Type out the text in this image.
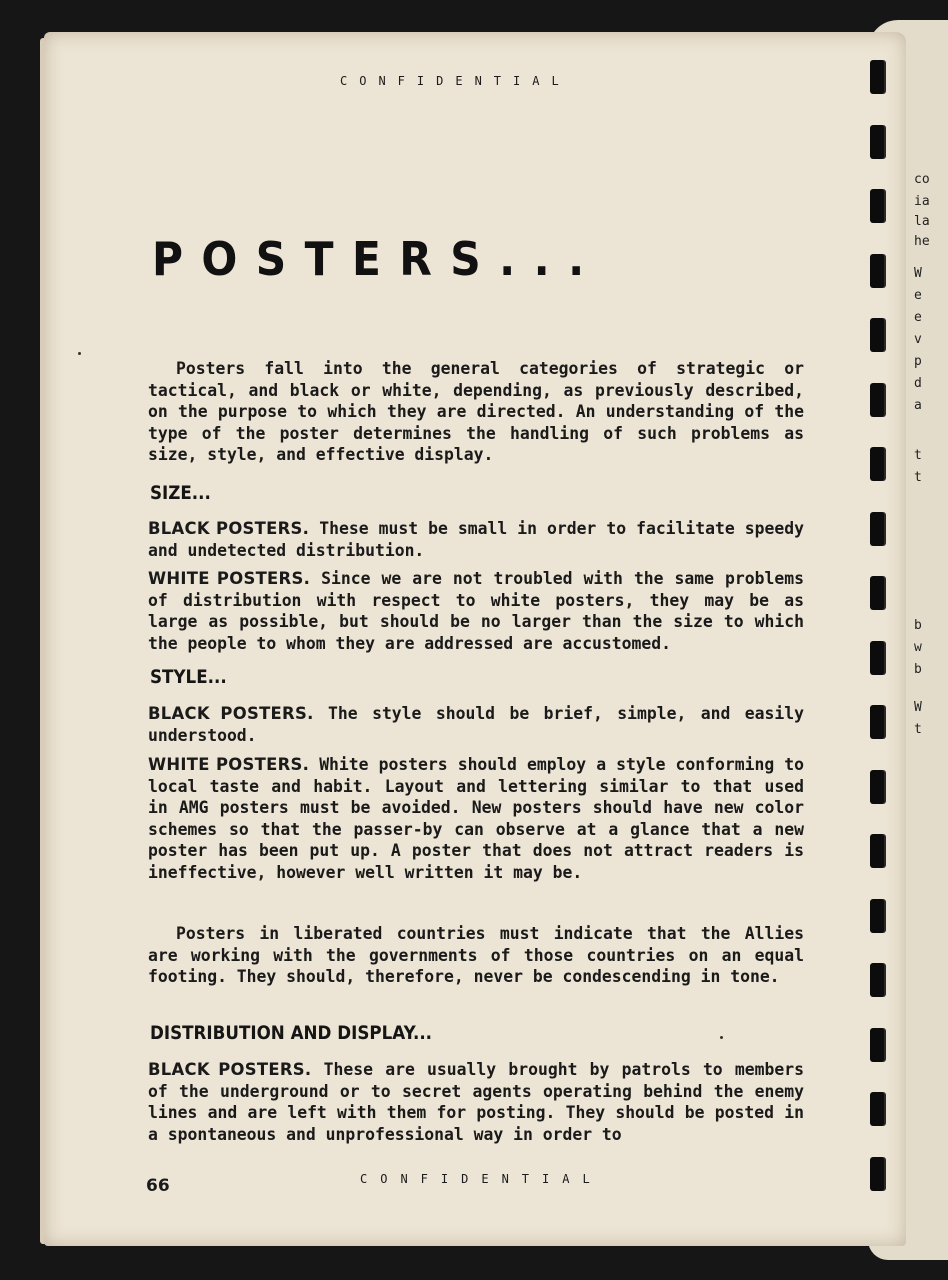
co
ia
la
he
W
e
e
v
p
d
a
t
t
b
w
b
W
t
CONFIDENTIAL
POSTERS...

Posters fall into the general categories of strategic or tactical, and black or white, depending, as previously described, on the purpose to which they are directed. An understanding of the type of the poster determines the handling of such problems as size, style, and effective display.

SIZE...

BLACK POSTERS. These must be small in order to facilitate speedy and undetected distribution.

WHITE POSTERS. Since we are not troubled with the same problems of distribution with respect to white posters, they may be as large as possible, but should be no larger than the size to which the people to whom they are addressed are accustomed.

STYLE...

BLACK POSTERS. The style should be brief, simple, and easily understood.

WHITE POSTERS. White posters should employ a style conforming to local taste and habit. Layout and lettering similar to that used in AMG posters must be avoided. New posters should have new color schemes so that the passer-by can observe at a glance that a new poster has been put up. A poster that does not attract readers is ineffective, however well written it may be.

Posters in liberated countries must indicate that the Allies are working with the governments of those countries on an equal footing. They should, therefore, never be condescending in tone.

DISTRIBUTION AND DISPLAY...

BLACK POSTERS. These are usually brought by patrols to members of the underground or to secret agents operating behind the enemy lines and are left with them for posting. They should be posted in a spontaneous and unprofessional way in order to

66	CONFIDENTIAL
